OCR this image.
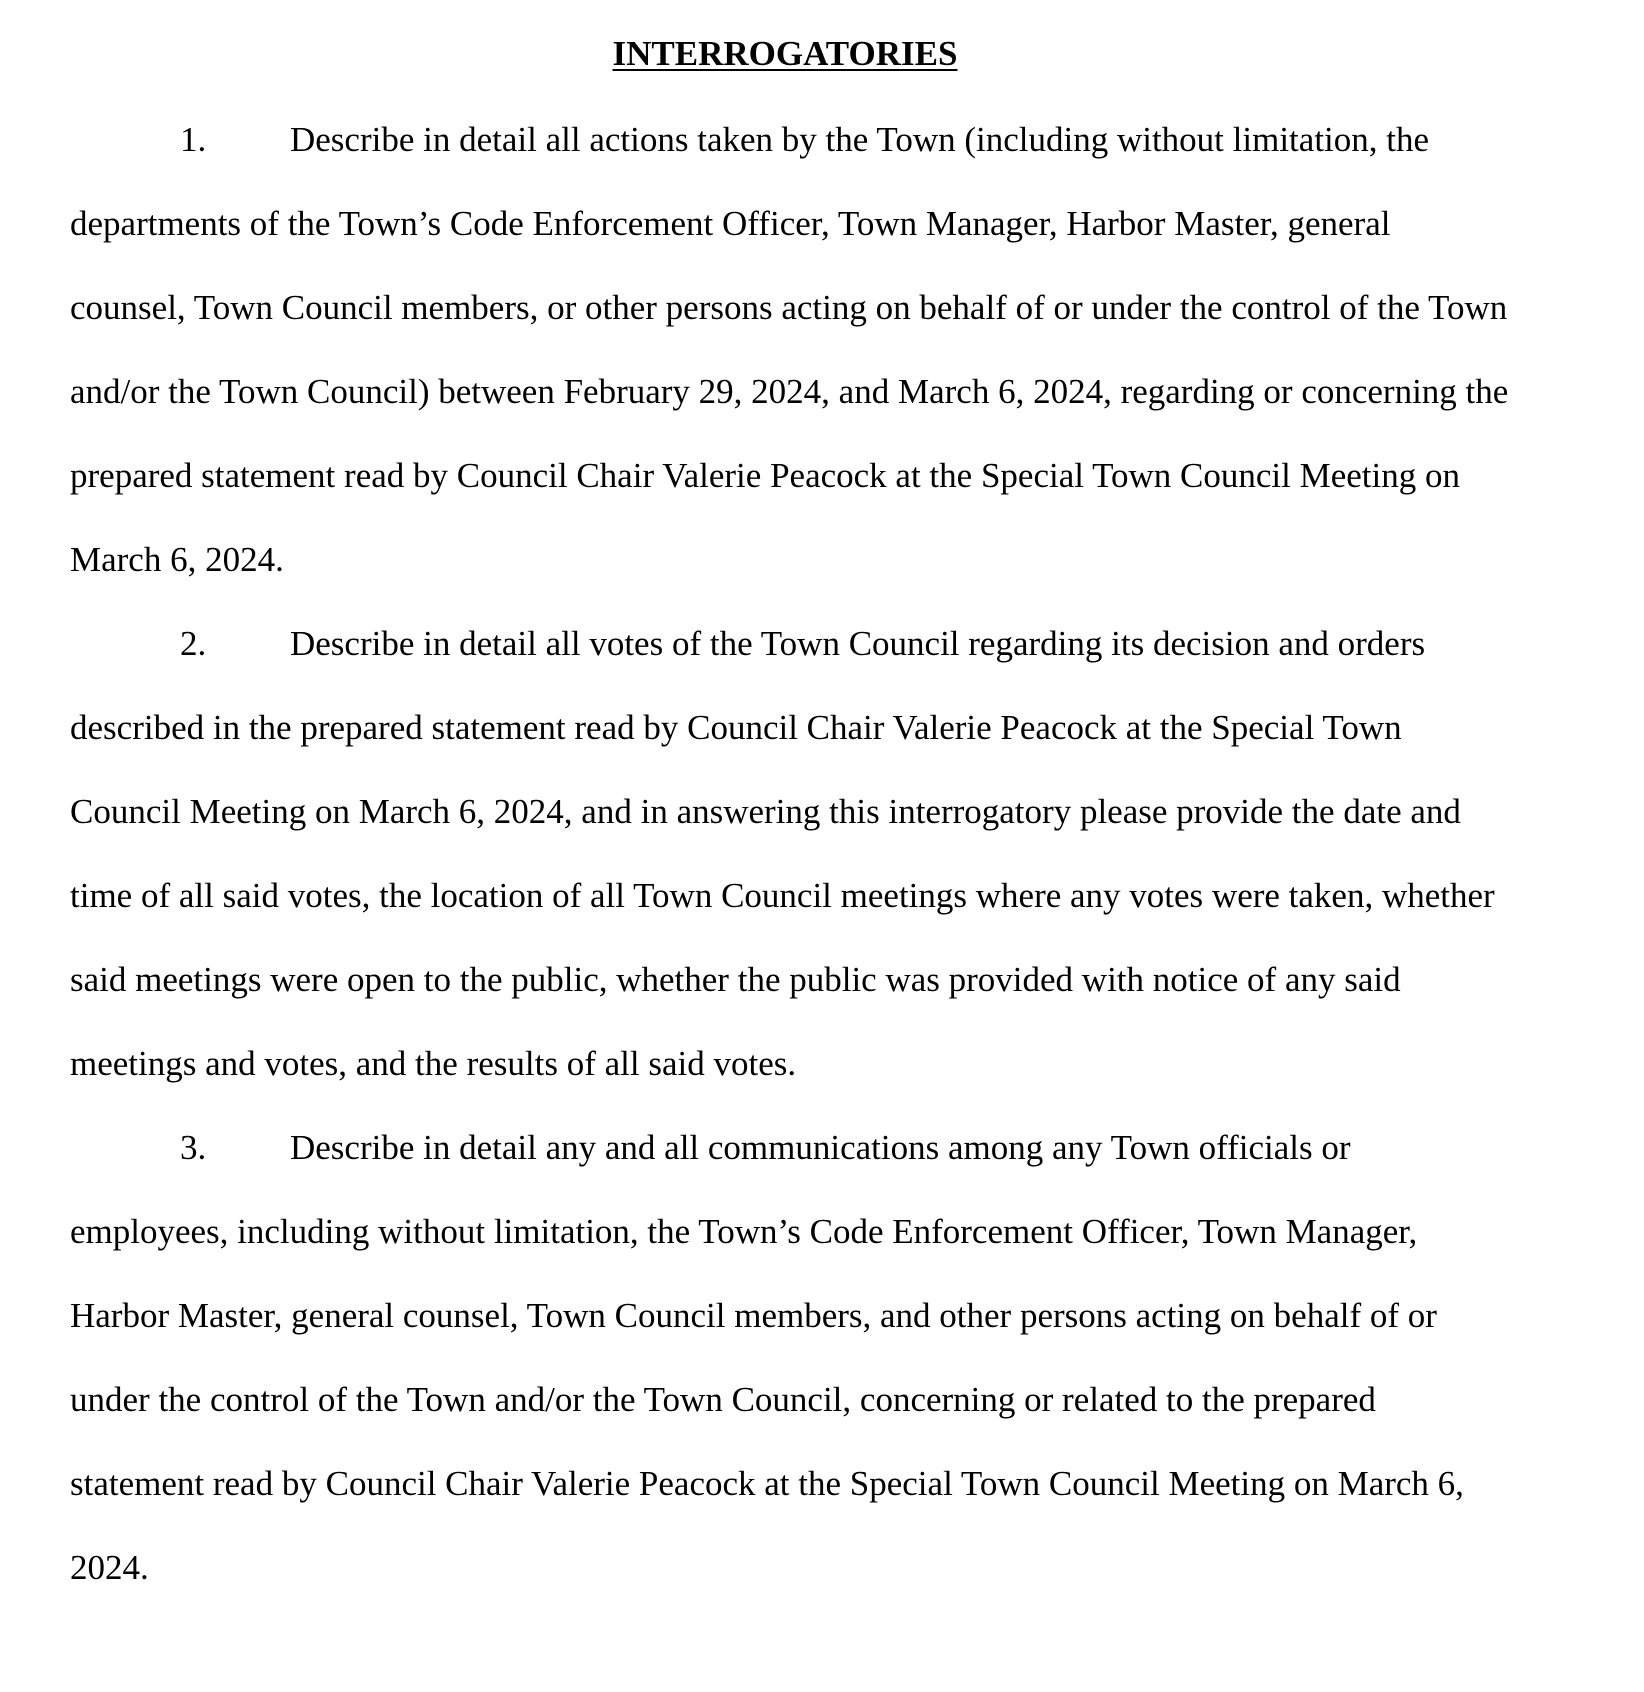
INTERROGATORIES

1. Describe in detail all actions taken by the Town (including without limitation, the departments of the Town’s Code Enforcement Officer, Town Manager, Harbor Master, general counsel, Town Council members, or other persons acting on behalf of or under the control of the Town and/or the Town Council) between February 29, 2024, and March 6, 2024, regarding or concerning the prepared statement read by Council Chair Valerie Peacock at the Special Town Council Meeting on March 6, 2024.

2. Describe in detail all votes of the Town Council regarding its decision and orders described in the prepared statement read by Council Chair Valerie Peacock at the Special Town Council Meeting on March 6, 2024, and in answering this interrogatory please provide the date and time of all said votes, the location of all Town Council meetings where any votes were taken, whether said meetings were open to the public, whether the public was provided with notice of any said meetings and votes, and the results of all said votes.

3. Describe in detail any and all communications among any Town officials or employees, including without limitation, the Town’s Code Enforcement Officer, Town Manager, Harbor Master, general counsel, Town Council members, and other persons acting on behalf of or under the control of the Town and/or the Town Council, concerning or related to the prepared statement read by Council Chair Valerie Peacock at the Special Town Council Meeting on March 6, 2024.
